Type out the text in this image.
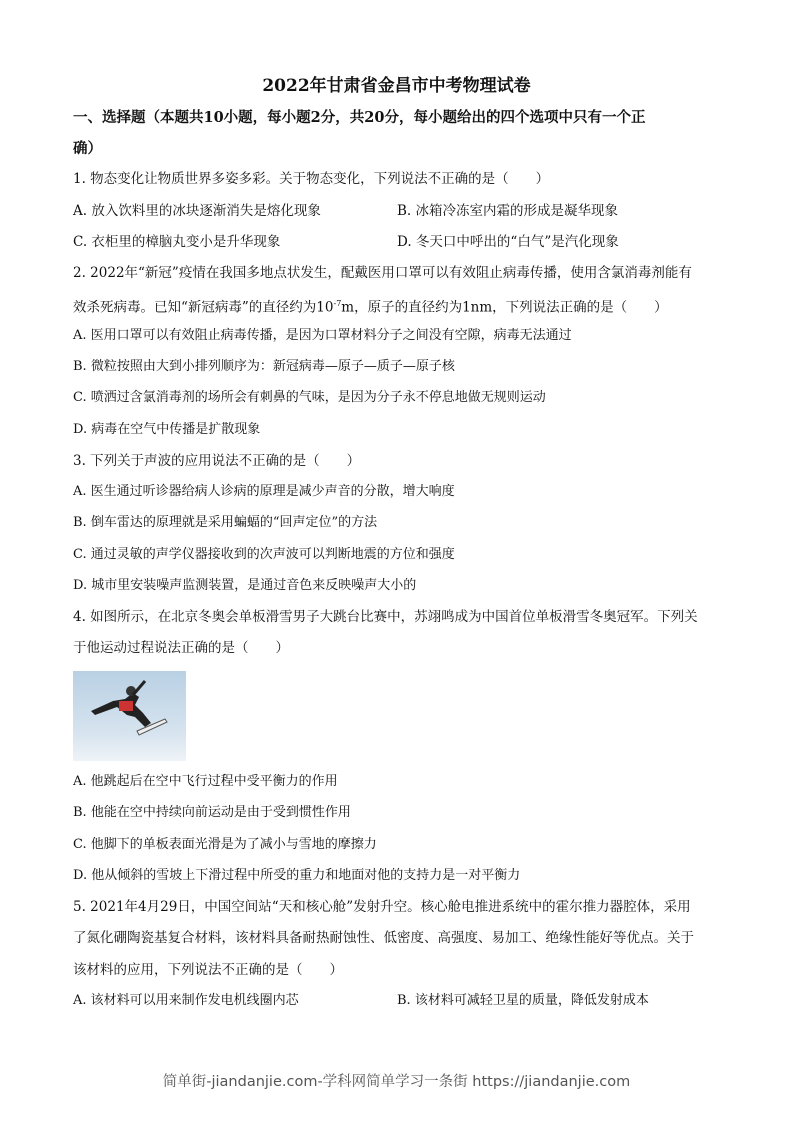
2022年甘肃省金昌市中考物理试卷
一、选择题（本题共10小题，每小题2分，共20分，每小题给出的四个选项中只有一个正
确）
1. 物态变化让物质世界多姿多彩。关于物态变化，下列说法不正确的是（　　）
A. 放入饮料里的冰块逐渐消失是熔化现象	B. 冰箱冷冻室内霜的形成是凝华现象
C. 衣柜里的樟脑丸变小是升华现象	D. 冬天口中呼出的“白气”是汽化现象
2. 2022年“新冠”疫情在我国多地点状发生，配戴医用口罩可以有效阻止病毒传播，使用含氯消毒剂能有
效杀死病毒。已知“新冠病毒”的直径约为$10^{-7}m$，原子的直径约为1nm，下列说法正确的是（　　）
A. 医用口罩可以有效阻止病毒传播，是因为口罩材料分子之间没有空隙，病毒无法通过
B. 微粒按照由大到小排列顺序为：新冠病毒—原子—质子—原子核
C. 喷洒过含氯消毒剂的场所会有刺鼻的气味，是因为分子永不停息地做无规则运动
D. 病毒在空气中传播是扩散现象
3. 下列关于声波的应用说法不正确的是（　　）
A. 医生通过听诊器给病人诊病的原理是减少声音的分散，增大响度
B. 倒车雷达的原理就是采用蝙蝠的“回声定位”的方法
C. 通过灵敏的声学仪器接收到的次声波可以判断地震的方位和强度
D. 城市里安装噪声监测装置，是通过音色来反映噪声大小的
4. 如图所示，在北京冬奥会单板滑雪男子大跳台比赛中，苏翊鸣成为中国首位单板滑雪冬奥冠军。下列关
于他运动过程说法正确的是（　　）
A. 他跳起后在空中飞行过程中受平衡力的作用
B. 他能在空中持续向前运动是由于受到惯性作用
C. 他脚下的单板表面光滑是为了减小与雪地的摩擦力
D. 他从倾斜的雪坡上下滑过程中所受的重力和地面对他的支持力是一对平衡力
5. 2021年4月29日，中国空间站“天和核心舱”发射升空。核心舱电推进系统中的霍尔推力器腔体，采用
了氮化硼陶瓷基复合材料，该材料具备耐热耐蚀性、低密度、高强度、易加工、绝缘性能好等优点。关于
该材料的应用，下列说法不正确的是（　　）
A. 该材料可以用来制作发电机线圈内芯	B. 该材料可减轻卫星的质量，降低发射成本
简单街-jiandanjie.com-学科网简单学习一条街 https://jiandanjie.com
